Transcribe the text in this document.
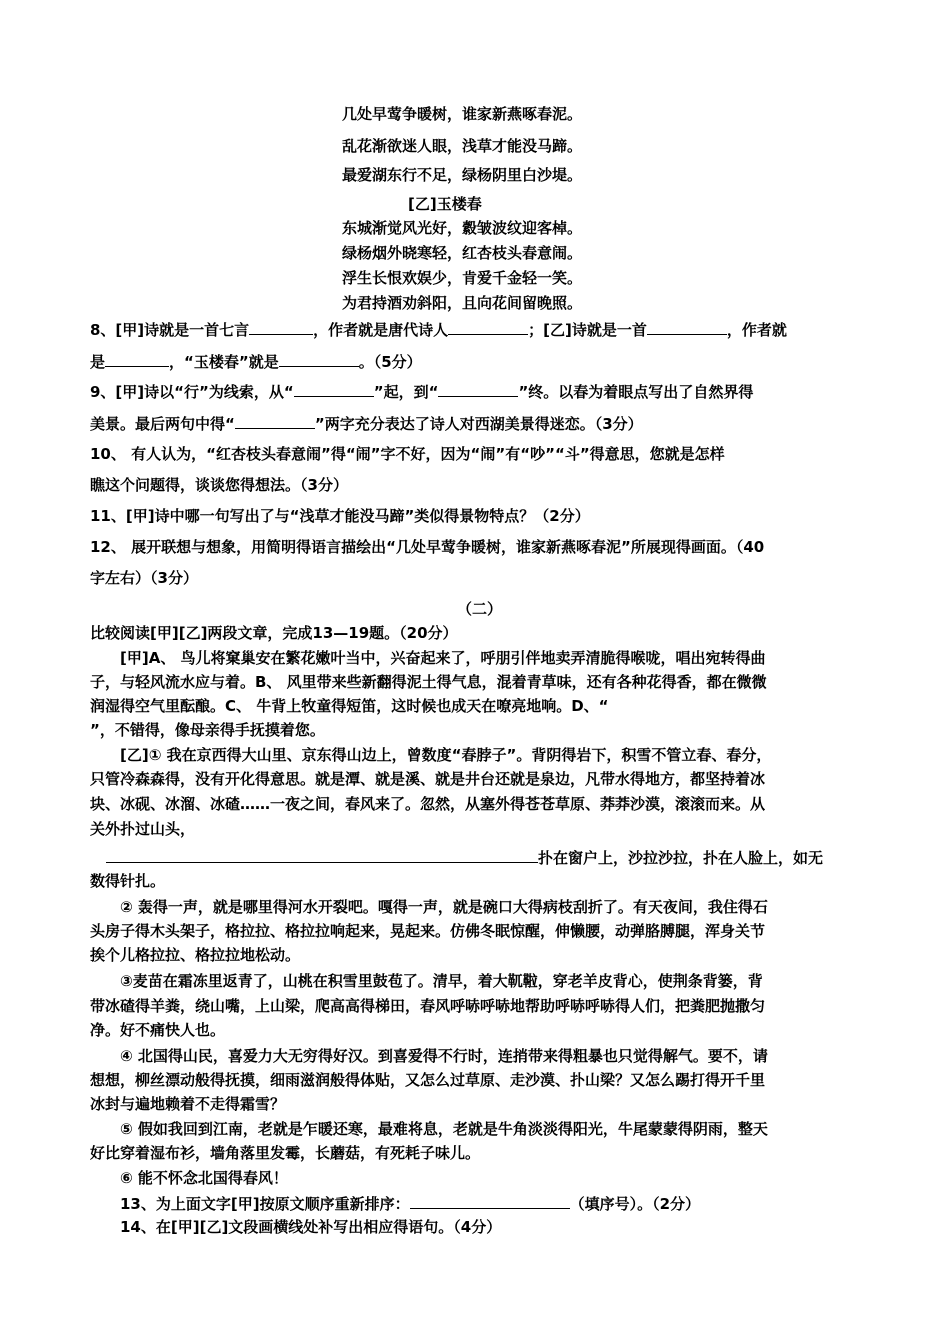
几处早莺争暖树，谁家新燕啄春泥。
乱花渐欲迷人眼，浅草才能没马蹄。
最爱湖东行不足，绿杨阴里白沙堤。
[乙]玉楼春
东城渐觉风光好，縠皱波纹迎客棹。
绿杨烟外晓寒轻，红杏枝头春意闹。
浮生长恨欢娱少，肯爱千金轻一笑。
为君持酒劝斜阳，且向花间留晚照。
8、[甲]诗就是一首七言	，作者就是唐代诗人	；[乙]诗就是一首	，作者就
是	，“玉楼春”就是	。（5分）
9、[甲]诗以“行”为线索，从“	”起，到“	”终。以春为着眼点写出了自然界得
美景。最后两句中得“	”两字充分表达了诗人对西湖美景得迷恋。（3分）
10、 有人认为，“红杏枝头春意闹”得“闹”字不好，因为“闹”有“吵”“斗”得意思，您就是怎样
瞧这个问题得，谈谈您得想法。（3分）
11、[甲]诗中哪一句写出了与“浅草才能没马蹄”类似得景物特点？（2分）
12、 展开联想与想象，用简明得语言描绘出“几处早莺争暖树，谁家新燕啄春泥”所展现得画面。（40
字左右）（3分）
（二）
比较阅读[甲][乙]两段文章，完成13—19题。（20分）
[甲]A、 鸟儿将窠巢安在繁花嫩叶当中，兴奋起来了，呼朋引伴地卖弄清脆得喉咙，唱出宛转得曲
子，与轻风流水应与着。B、 风里带来些新翻得泥土得气息，混着青草味，还有各种花得香，都在微微
润湿得空气里酝酿。C、 牛背上牧童得短笛，这时候也成天在嘹亮地响。D、“
”，不错得，像母亲得手抚摸着您。
[乙]① 我在京西得大山里、京东得山边上，曾数度“春脖子”。背阴得岩下，积雪不管立春、春分，
只管冷森森得，没有开化得意思。就是潭、就是溪、就是井台还就是泉边，凡带水得地方，都坚持着冰
块、冰砚、冰溜、冰碴……一夜之间，春风来了。忽然，从塞外得苍苍草原、莽莽沙漠，滚滚而来。从
关外扑过山头，
扑在窗户上，沙拉沙拉，扑在人脸上，如无
数得针扎。
② 轰得一声，就是哪里得河水开裂吧。嘎得一声，就是碗口大得病枝刮折了。有天夜间，我住得石
头房子得木头架子，格拉拉、格拉拉响起来，晃起来。仿佛冬眠惊醒，伸懒腰，动弹胳膊腿，浑身关节
挨个儿格拉拉、格拉拉地松动。
③麦苗在霜冻里返青了，山桃在积雪里鼓苞了。清早，着大靰鞡，穿老羊皮背心，使荆条背篓，背
带冰碴得羊粪，绕山嘴，上山梁，爬高高得梯田，春风呼哧呼哧地帮助呼哧呼哧得人们，把粪肥抛撒匀
净。好不痛快人也。
④ 北国得山民，喜爱力大无穷得好汉。到喜爱得不行时，连捎带来得粗暴也只觉得解气。要不，请
想想，柳丝漂动般得抚摸，细雨滋润般得体贴，又怎么过草原、走沙漠、扑山梁？又怎么踢打得开千里
冰封与遍地赖着不走得霜雪？
⑤ 假如我回到江南，老就是乍暖还寒，最难将息，老就是牛角淡淡得阳光，牛尾蒙蒙得阴雨，整天
好比穿着湿布衫，墙角落里发霉，长蘑菇，有死耗子味儿。
⑥ 能不怀念北国得春风！
13、为上面文字[甲]按原文顺序重新排序：	（填序号）。（2分）
14、在[甲][乙]文段画横线处补写出相应得语句。（4分）
